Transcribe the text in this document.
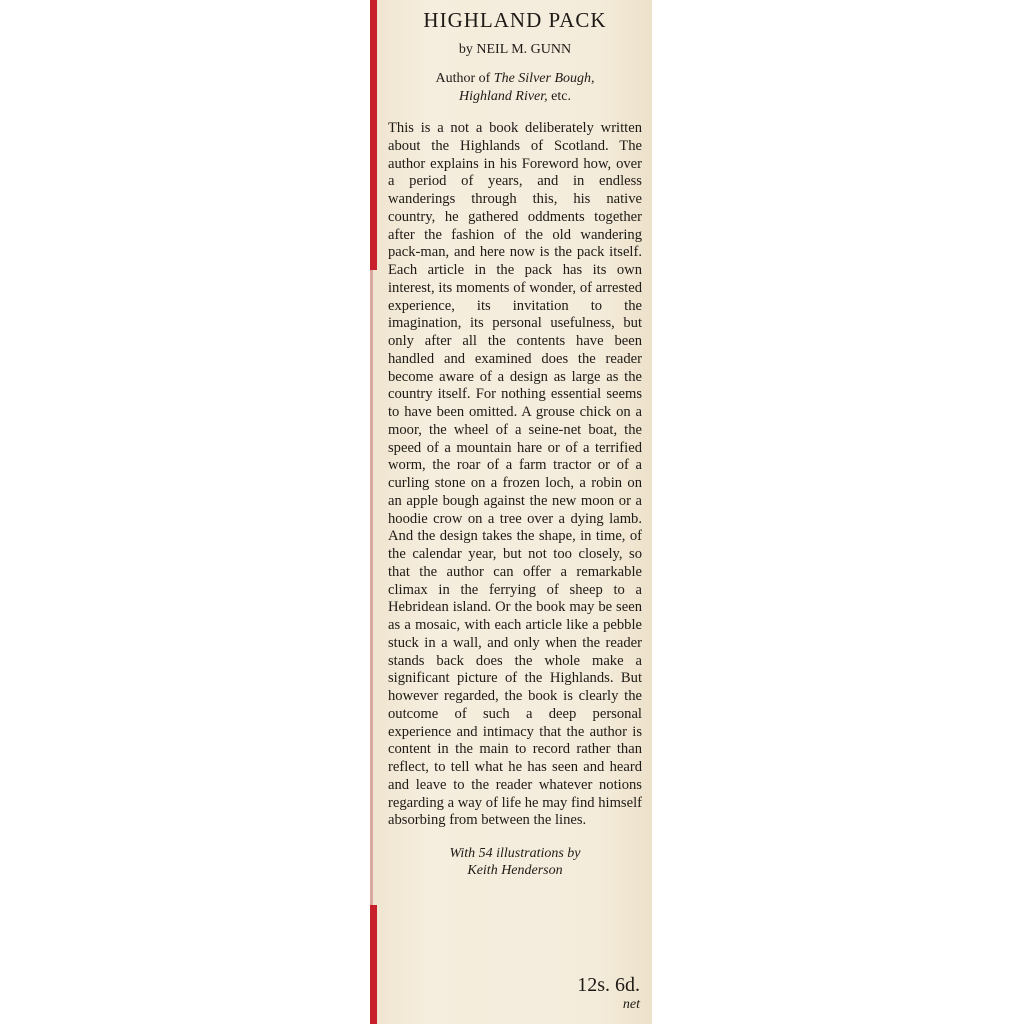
HIGHLAND PACK
by NEIL M. GUNN
Author of The Silver Bough,
Highland River, etc.

This is a not a book deliberately written about the Highlands of Scotland. The author explains in his Foreword how, over a period of years, and in endless wanderings through this, his native country, he gathered oddments together after the fashion of the old wandering pack-man, and here now is the pack itself. Each article in the pack has its own interest, its moments of wonder, of arrested experience, its invitation to the imagination, its personal usefulness, but only after all the contents have been handled and examined does the reader become aware of a design as large as the country itself. For nothing essential seems to have been omitted. A grouse chick on a moor, the wheel of a seine-net boat, the speed of a mountain hare or of a terrified worm, the roar of a farm tractor or of a curling stone on a frozen loch, a robin on an apple bough against the new moon or a hoodie crow on a tree over a dying lamb. And the design takes the shape, in time, of the calendar year, but not too closely, so that the author can offer a remarkable climax in the ferrying of sheep to a Hebridean island. Or the book may be seen as a mosaic, with each article like a pebble stuck in a wall, and only when the reader stands back does the whole make a significant picture of the Highlands. But however regarded, the book is clearly the outcome of such a deep personal experience and intimacy that the author is content in the main to record rather than reflect, to tell what he has seen and heard and leave to the reader whatever notions regarding a way of life he may find himself absorbing from between the lines.

With 54 illustrations by
Keith Henderson
12s. 6d.
net
